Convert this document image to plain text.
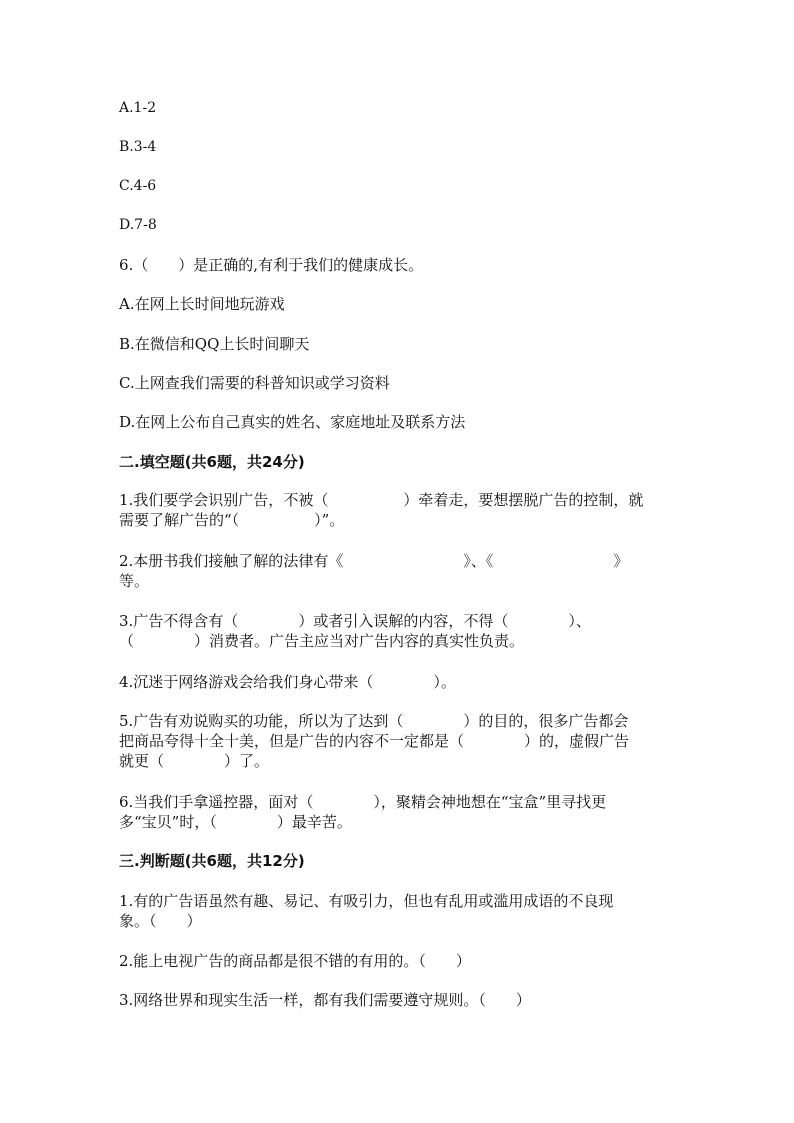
A.1-2
B.3-4
C.4-6
D.7-8
6.（　　）是正确的,有利于我们的健康成长。
A.在网上长时间地玩游戏
B.在微信和QQ上长时间聊天
C.上网查我们需要的科普知识或学习资料
D.在网上公布自己真实的姓名、家庭地址及联系方法
二.填空题(共6题，共24分)
1.我们要学会识别广告，不被（　　　　　）牵着走，要想摆脱广告的控制，就
需要了解广告的“（　　　　　）”。
2.本册书我们接触了解的法律有《　　　　　　　　》、《　　　　　　　　》
等。
3.广告不得含有（　　　　）或者引入误解的内容，不得（　　　　）、
（　　　　）消费者。广告主应当对广告内容的真实性负责。
4.沉迷于网络游戏会给我们身心带来（　　　　）。
5.广告有劝说购买的功能，所以为了达到（　　　　）的目的，很多广告都会
把商品夸得十全十美，但是广告的内容不一定都是（　　　　）的，虚假广告
就更（　　　　）了。
6.当我们手拿遥控器，面对（　　　　），聚精会神地想在“宝盒”里寻找更
多“宝贝”时，（　　　　）最辛苦。
三.判断题(共6题，共12分)
1.有的广告语虽然有趣、易记、有吸引力，但也有乱用或滥用成语的不良现
象。（　　）
2.能上电视广告的商品都是很不错的有用的。（　　）
3.网络世界和现实生活一样，都有我们需要遵守规则。（　　）
